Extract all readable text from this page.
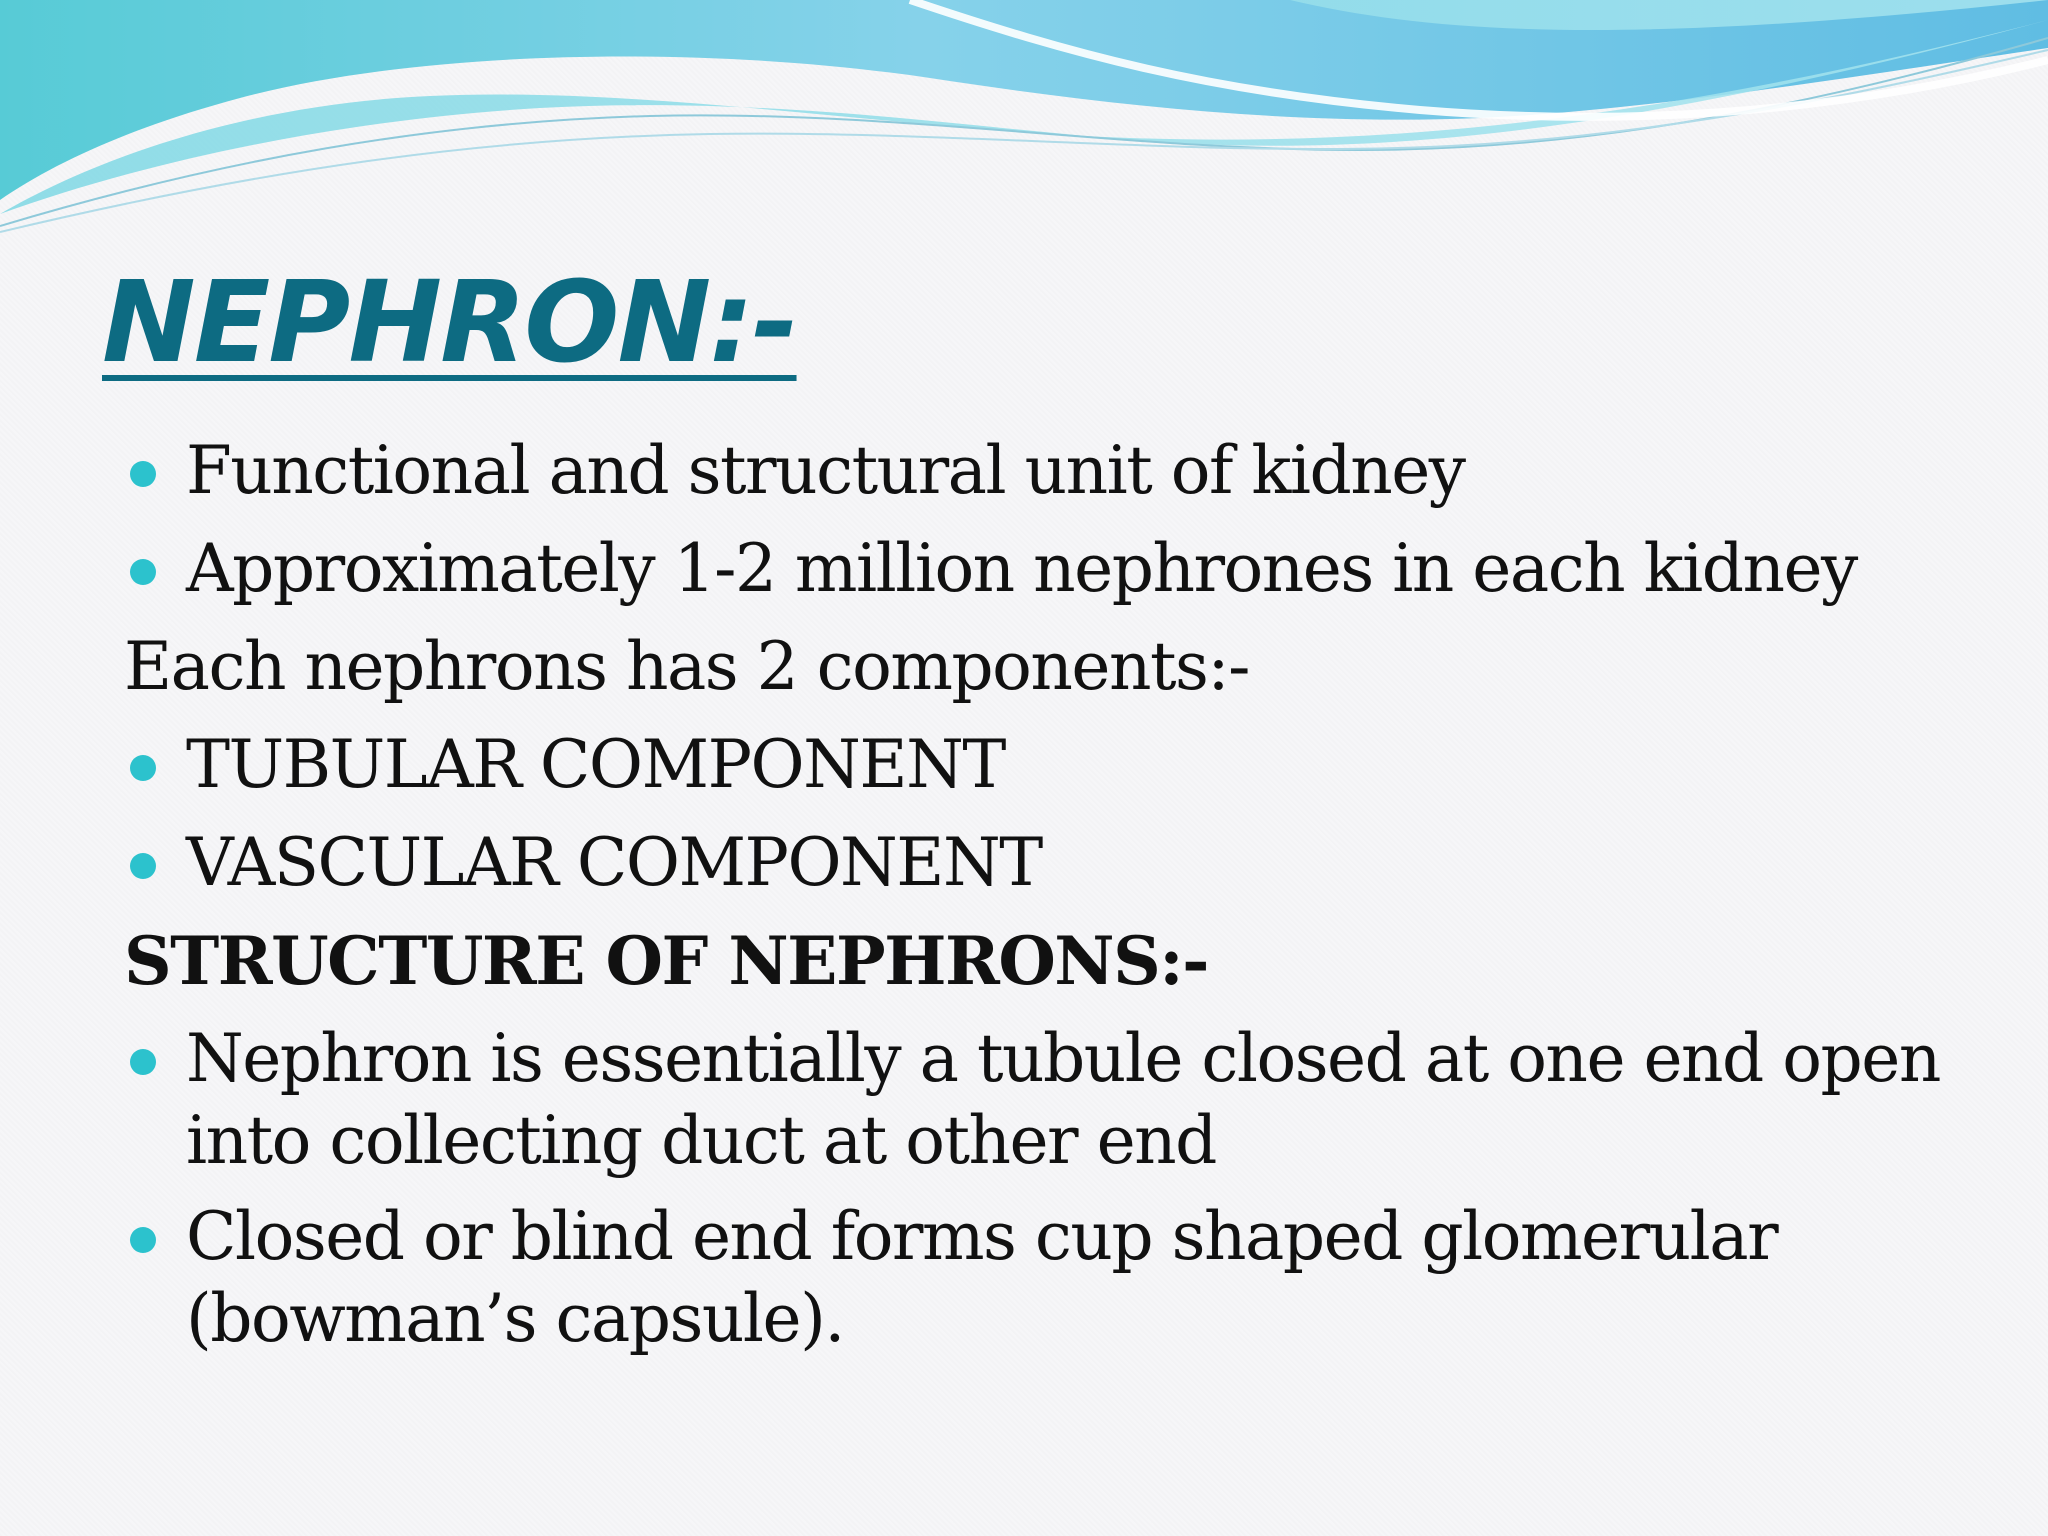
NEPHRON:-
Functional and structural unit of kidney
Approximately 1-2 million nephrones in each kidney
Each nephrons has 2 components:-
TUBULAR COMPONENT
VASCULAR COMPONENT
STRUCTURE OF NEPHRONS:-
Nephron is essentially a tubule closed at one end open into collecting duct at other end
Closed or blind end forms cup shaped glomerular (bowman’s capsule).
